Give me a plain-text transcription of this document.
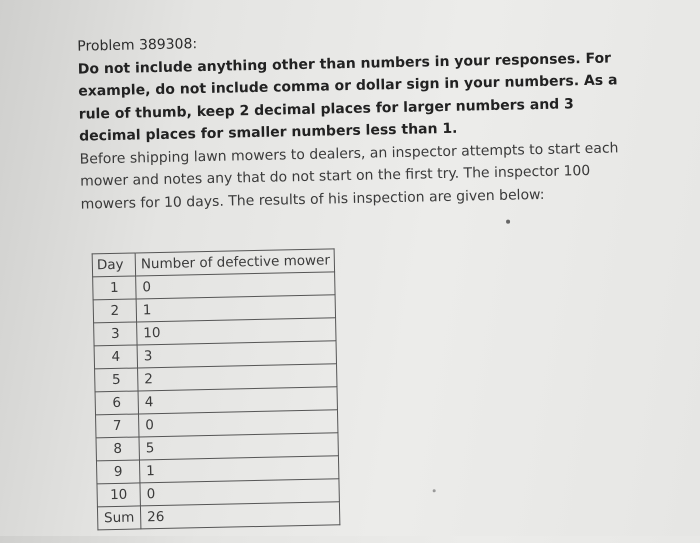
Problem 389308:

Do not include anything other than numbers in your responses. For example, do not include comma or dollar sign in your numbers. As a rule of thumb, keep 2 decimal places for larger numbers and 3 decimal places for smaller numbers less than 1.

Before shipping lawn mowers to dealers, an inspector attempts to start each mower and notes any that do not start on the first try. The inspector 100 mowers for 10 days. The results of his inspection are given below:

Day	Number of defective mower
1	0
2	1
3	10
4	3
5	2
6	4
7	0
8	5
9	1
10	0
Sum	26
